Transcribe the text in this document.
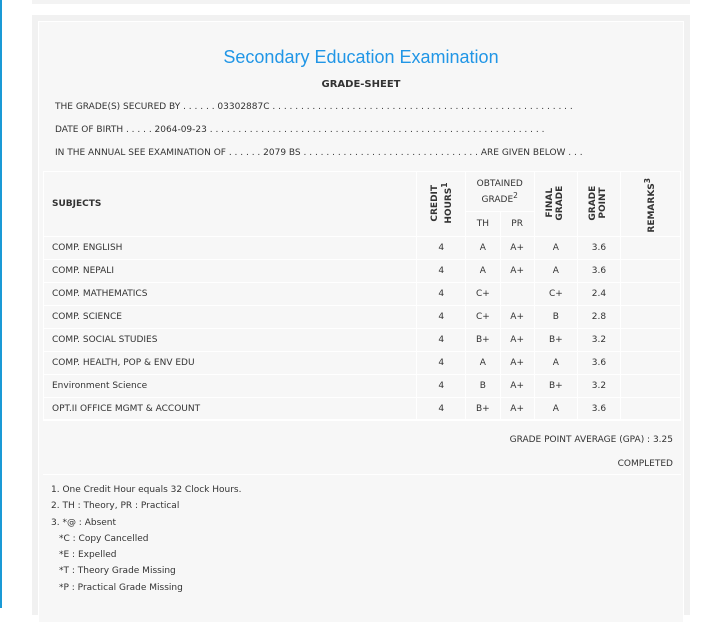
Secondary Education Examination
GRADE-SHEET
THE GRADE(S) SECURED BY . . . . . . 03302887C . . . . . . . . . . . . . . . . . . . . . . . . . . . . . . . . . . . . . . . . . . . . . . . . . . . . .
DATE OF BIRTH . . . . . 2064-09-23 . . . . . . . . . . . . . . . . . . . . . . . . . . . . . . . . . . . . . . . . . . . . . . . . . . . . . . . . . . .
IN THE ANNUAL SEE EXAMINATION OF . . . . . . 2079 BS . . . . . . . . . . . . . . . . . . . . . . . . . . . . . . . ARE GIVEN BELOW . . .
SUBJECTS	CREDIT HOURS$^1$	OBTAINED GRADE$^2$		FINAL GRADE	GRADE POINT	REMARKS$^3$
		TH	PR			
COMP. ENGLISH	4	A	A+	A	3.6	
COMP. NEPALI	4	A	A+	A	3.6	
COMP. MATHEMATICS	4	C+		C+	2.4	
COMP. SCIENCE	4	C+	A+	B	2.8	
COMP. SOCIAL STUDIES	4	B+	A+	B+	3.2	
COMP. HEALTH, POP & ENV EDU	4	A	A+	A	3.6	
Environment Science	4	B	A+	B+	3.2	
OPT.II OFFICE MGMT & ACCOUNT	4	B+	A+	A	3.6	
GRADE POINT AVERAGE (GPA) : 3.25
COMPLETED
1. One Credit Hour equals 32 Clock Hours.
2. TH : Theory, PR : Practical
3. *@ : Absent
*C : Copy Cancelled
*E : Expelled
*T : Theory Grade Missing
*P : Practical Grade Missing
